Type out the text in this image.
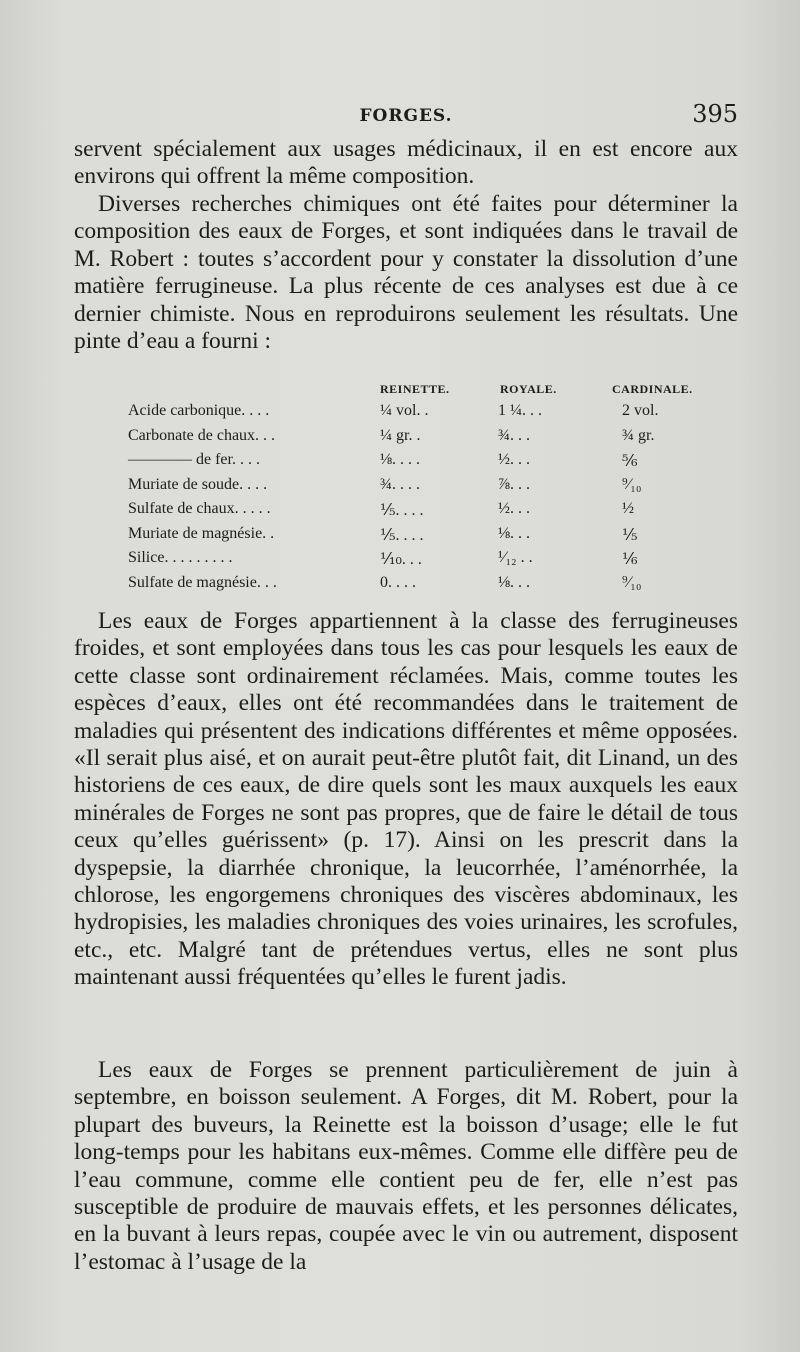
FORGES.	395

servent spécialement aux usages médicinaux, il en est encore aux environs qui offrent la même composition.

Diverses recherches chimiques ont été faites pour déterminer la composition des eaux de Forges, et sont indiquées dans le travail de M. Robert : toutes s’accordent pour y constater la dissolution d’une matière ferrugineuse. La plus récente de ces analyses est due à ce dernier chimiste. Nous en reproduirons seulement les résultats. Une pinte d’eau a fourni :

REINETTE.	ROYALE.	CARDINALE.
Acide carbonique. . . .	¼ vol. .	1 ¼. . .	2 vol.
Carbonate de chaux. . .	¼ gr. .	¾. . .	¾ gr.
———— de fer. . . .	⅛. . . .	½. . .	⅚
Muriate de soude. . . .	¾. . . .	⅞. . .	⁹⁄₁₀
Sulfate de chaux. . . . .	⅕. . . .	½. . .	½
Muriate de magnésie. .	⅕. . . .	⅛. . .	⅕
Silice. . . . . . . . .	⅒. . .	¹⁄₁₂ . .	⅙
Sulfate de magnésie. . .	0. . . .	⅛. . .	⁹⁄₁₀

Les eaux de Forges appartiennent à la classe des ferrugineuses froides, et sont employées dans tous les cas pour lesquels les eaux de cette classe sont ordinairement réclamées. Mais, comme toutes les espèces d’eaux, elles ont été recommandées dans le traitement de maladies qui présentent des indications différentes et même opposées. «Il serait plus aisé, et on aurait peut-être plutôt fait, dit Linand, un des historiens de ces eaux, de dire quels sont les maux auxquels les eaux minérales de Forges ne sont pas propres, que de faire le détail de tous ceux qu’elles guérissent» (p. 17). Ainsi on les prescrit dans la dyspepsie, la diarrhée chronique, la leucorrhée, l’aménorrhée, la chlorose, les engorgemens chroniques des viscères abdominaux, les hydropisies, les maladies chroniques des voies urinaires, les scrofules, etc., etc. Malgré tant de prétendues vertus, elles ne sont plus maintenant aussi fréquentées qu’elles le furent jadis.

Les eaux de Forges se prennent particulièrement de juin à septembre, en boisson seulement. A Forges, dit M. Robert, pour la plupart des buveurs, la Reinette est la boisson d’usage; elle le fut long-temps pour les habitans eux-mêmes. Comme elle diffère peu de l’eau commune, comme elle contient peu de fer, elle n’est pas susceptible de produire de mauvais effets, et les personnes délicates, en la buvant à leurs repas, coupée avec le vin ou autrement, disposent l’estomac à l’usage de la
